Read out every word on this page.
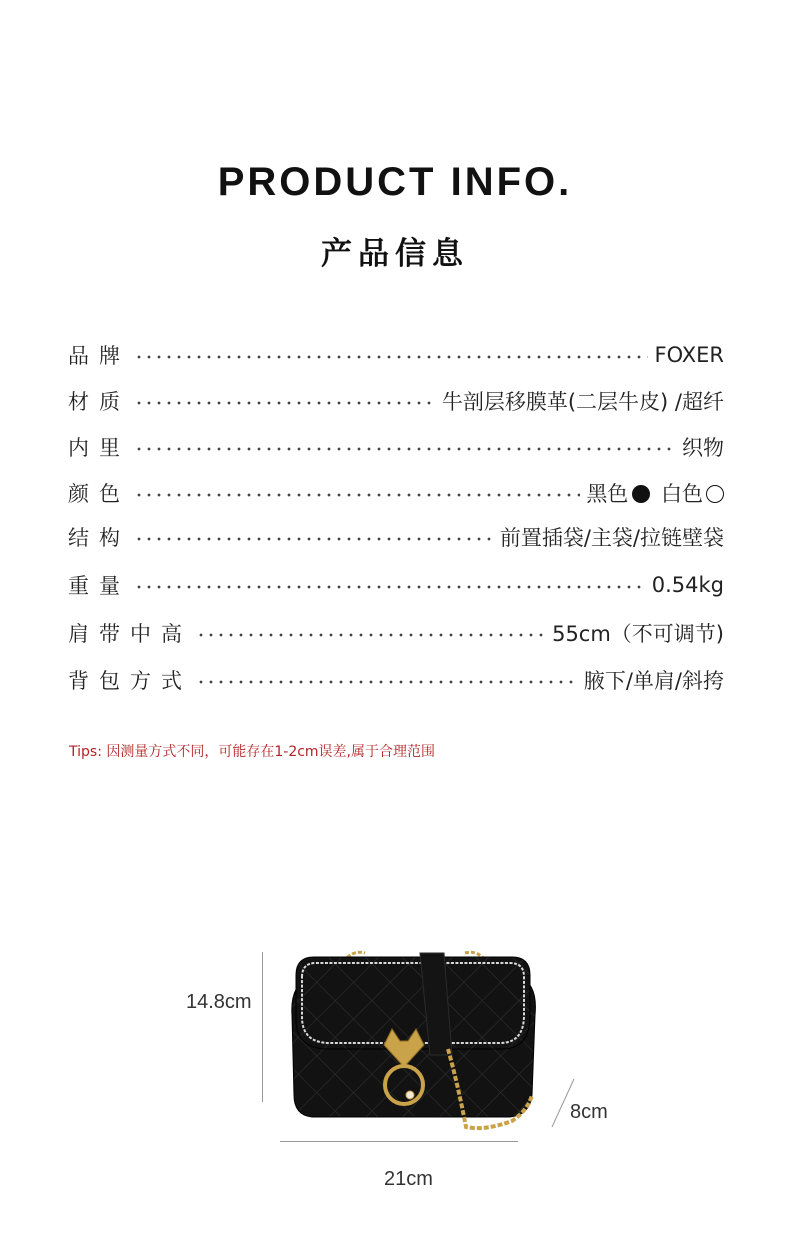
PRODUCT INFO.
产品信息
品牌	FOXER
材质	牛剖层移膜革(二层牛皮) /超纤
内里	织物
颜色	黑色 白色
结构	前置插袋/主袋/拉链壁袋
重量	0.54kg
肩带中高	55cm（不可调节)
背包方式	腋下/单肩/斜挎
Tips: 因测量方式不同，可能存在1-2cm误差,属于合理范围
14.8cm
21cm
8cm
